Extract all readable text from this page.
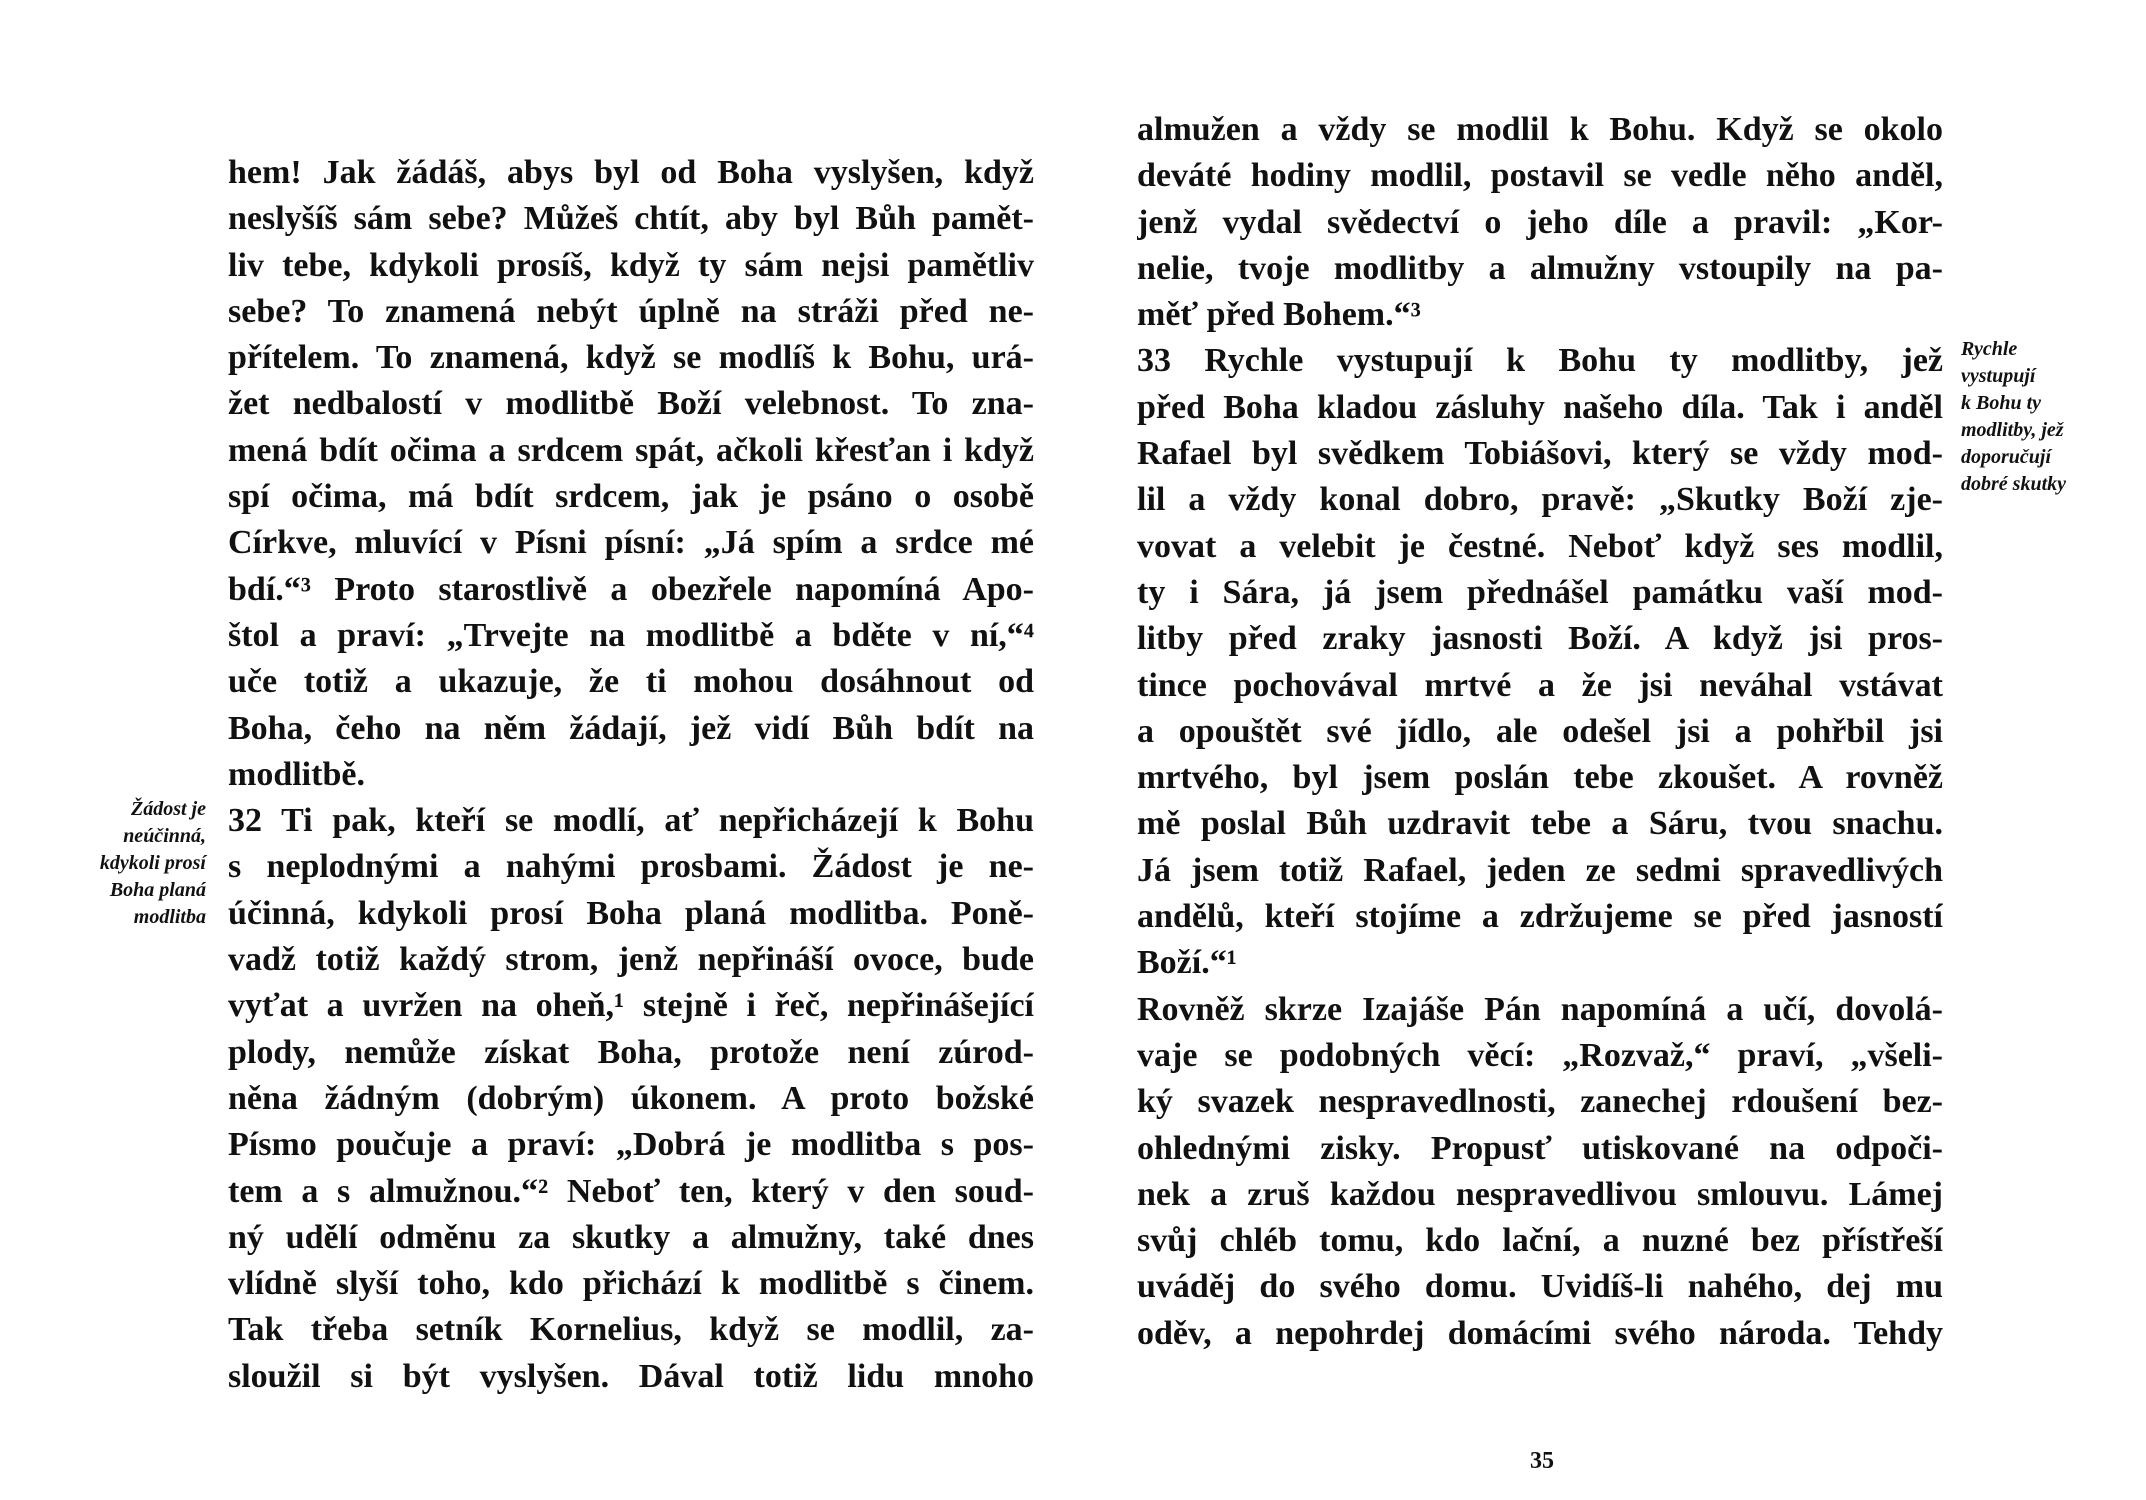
hem! Jak žádáš, abys byl od Boha vyslyšen, když
neslyšíš sám sebe? Můžeš chtít, aby byl Bůh pamět-
liv tebe, kdykoli prosíš, když ty sám nejsi pamětliv
sebe? To znamená nebýt úplně na stráži před ne-
přítelem. To znamená, když se modlíš k Bohu, urá-
žet nedbalostí v modlitbě Boží velebnost. To zna-
mená bdít očima a srdcem spát, ačkoli křesťan i když
spí očima, má bdít srdcem, jak je psáno o osobě
Církve, mluvící v Písni písní: „Já spím a srdce mé
bdí.“³ Proto starostlivě a obezřele napomíná Apo-
štol a praví: „Trvejte na modlitbě a bděte v ní,“⁴
uče totiž a ukazuje, že ti mohou dosáhnout od
Boha, čeho na něm žádají, jež vidí Bůh bdít na
modlitbě.
32 Ti pak, kteří se modlí, ať nepřicházejí k Bohu
s neplodnými a nahými prosbami. Žádost je ne-
účinná, kdykoli prosí Boha planá modlitba. Poně-
vadž totiž každý strom, jenž nepřináší ovoce, bude
vyťat a uvržen na oheň,¹ stejně i řeč, nepřinášející
plody, nemůže získat Boha, protože není zúrod-
něna žádným (dobrým) úkonem. A proto božské
Písmo poučuje a praví: „Dobrá je modlitba s pos-
tem a s almužnou.“² Neboť ten, který v den soud-
ný udělí odměnu za skutky a almužny, také dnes
vlídně slyší toho, kdo přichází k modlitbě s činem.
Tak třeba setník Kornelius, když se modlil, za-
sloužil si být vyslyšen. Dával totiž lidu mnoho
Žádost je
neúčinná,
kdykoli prosí
Boha planá
modlitba
almužen a vždy se modlil k Bohu. Když se okolo
deváté hodiny modlil, postavil se vedle něho anděl,
jenž vydal svědectví o jeho díle a pravil: „Kor-
nelie, tvoje modlitby a almužny vstoupily na pa-
měť před Bohem.“³
33 Rychle vystupují k Bohu ty modlitby, jež
před Boha kladou zásluhy našeho díla. Tak i anděl
Rafael byl svědkem Tobiášovi, který se vždy mod-
lil a vždy konal dobro, pravě: „Skutky Boží zje-
vovat a velebit je čestné. Neboť když ses modlil,
ty i Sára, já jsem přednášel památku vaší mod-
litby před zraky jasnosti Boží. A když jsi pros-
tince pochovával mrtvé a že jsi neváhal vstávat
a opouštět své jídlo, ale odešel jsi a pohřbil jsi
mrtvého, byl jsem poslán tebe zkoušet. A rovněž
mě poslal Bůh uzdravit tebe a Sáru, tvou snachu.
Já jsem totiž Rafael, jeden ze sedmi spravedlivých
andělů, kteří stojíme a zdržujeme se před jasností
Boží.“¹
Rovněž skrze Izajáše Pán napomíná a učí, dovolá-
vaje se podobných věcí: „Rozvaž,“ praví, „všeli-
ký svazek nespravedlnosti, zanechej rdoušení bez-
ohlednými zisky. Propusť utiskované na odpoči-
nek a zruš každou nespravedlivou smlouvu. Lámej
svůj chléb tomu, kdo lační, a nuzné bez přístřeší
uváděj do svého domu. Uvidíš-li nahého, dej mu
oděv, a nepohrdej domácími svého národa. Tehdy
Rychle
vystupují
k Bohu ty
modlitby, jež
doporučují
dobré skutky
35
